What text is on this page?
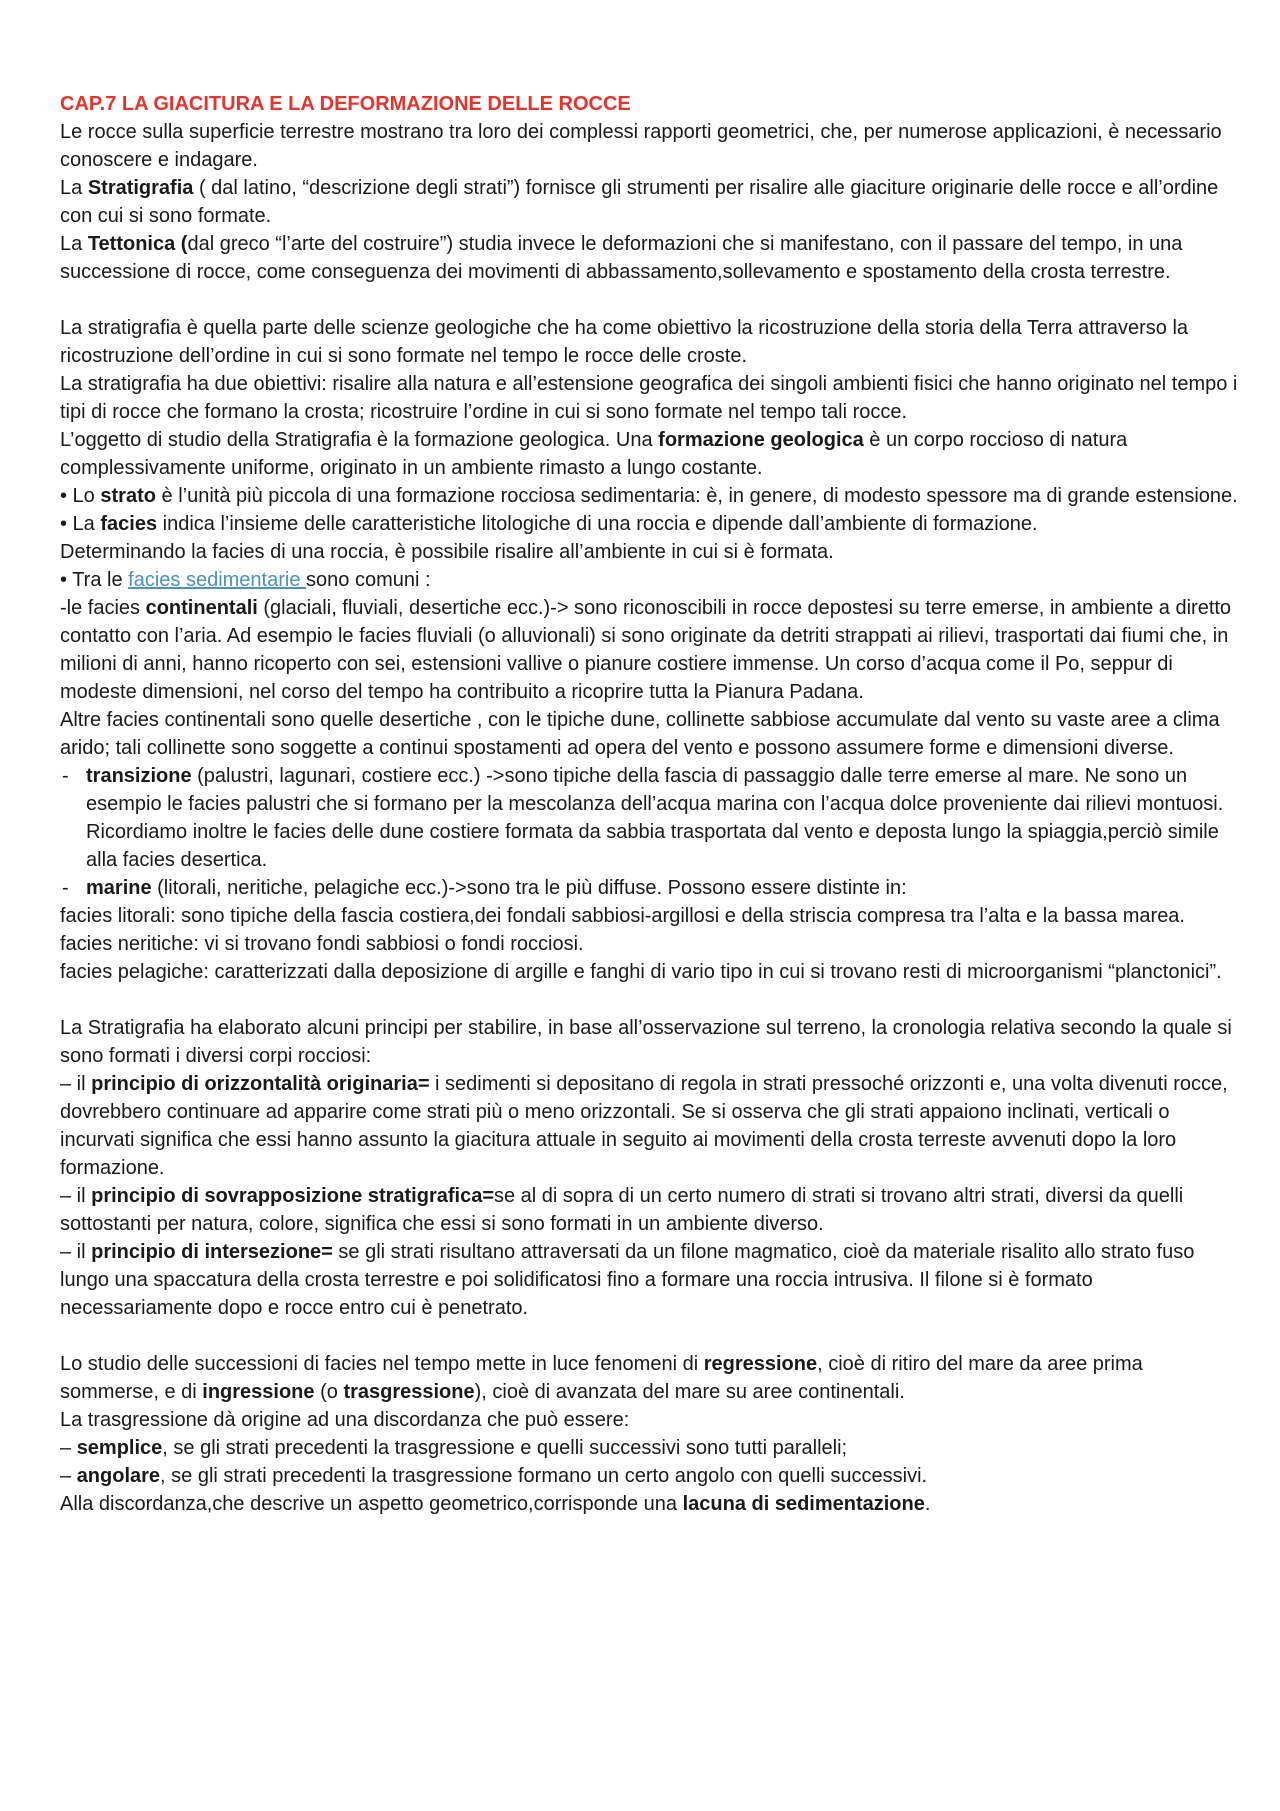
CAP.7 LA GIACITURA E LA DEFORMAZIONE DELLE ROCCE

Le rocce sulla superficie terrestre mostrano tra loro dei complessi rapporti geometrici, che, per numerose applicazioni, è necessario conoscere e indagare.

La Stratigrafia ( dal latino, “descrizione degli strati”) fornisce gli strumenti per risalire alle giaciture originarie delle rocce e all’ordine con cui si sono formate.

La Tettonica (dal greco “l’arte del costruire”) studia invece le deformazioni che si manifestano, con il passare del tempo, in una successione di rocce, come conseguenza dei movimenti di abbassamento,sollevamento e spostamento della crosta terrestre.

La stratigrafia è quella parte delle scienze geologiche che ha come obiettivo la ricostruzione della storia della Terra attraverso la ricostruzione dell’ordine in cui si sono formate nel tempo le rocce delle croste.

La stratigrafia ha due obiettivi: risalire alla natura e all’estensione geografica dei singoli ambienti fisici che hanno originato nel tempo i tipi di rocce che formano la crosta; ricostruire l’ordine in cui si sono formate nel tempo tali rocce.

L’oggetto di studio della Stratigrafia è la formazione geologica. Una formazione geologica è un corpo roccioso di natura complessivamente uniforme, originato in un ambiente rimasto a lungo costante.

• Lo strato è l’unità più piccola di una formazione rocciosa sedimentaria: è, in genere, di modesto spessore ma di grande estensione.

• La facies indica l’insieme delle caratteristiche litologiche di una roccia e dipende dall’ambiente di formazione.

Determinando la facies di una roccia, è possibile risalire all’ambiente in cui si è formata.

• Tra le facies sedimentarie sono comuni :

-le facies continentali (glaciali, fluviali, desertiche ecc.)-> sono riconoscibili in rocce depostesi su terre emerse, in ambiente a diretto contatto con l’aria. Ad esempio le facies fluviali (o alluvionali) si sono originate da detriti strappati ai rilievi, trasportati dai fiumi che, in milioni di anni, hanno ricoperto con sei, estensioni vallive o pianure costiere immense. Un corso d’acqua come il Po, seppur di modeste dimensioni, nel corso del tempo ha contribuito a ricoprire tutta la Pianura Padana.

Altre facies continentali sono quelle desertiche , con le tipiche dune, collinette sabbiose accumulate dal vento su vaste aree a clima arido; tali collinette sono soggette a continui spostamenti ad opera del vento e possono assumere forme e dimensioni diverse.

- transizione (palustri, lagunari, costiere ecc.) ->sono tipiche della fascia di passaggio dalle terre emerse al mare. Ne sono un esempio le facies palustri che si formano per la mescolanza dell’acqua marina con l’acqua dolce proveniente dai rilievi montuosi. Ricordiamo inoltre le facies delle dune costiere formata da sabbia trasportata dal vento e deposta lungo la spiaggia,perciò simile alla facies desertica.

- marine (litorali, neritiche, pelagiche ecc.)->sono tra le più diffuse. Possono essere distinte in:

facies litorali: sono tipiche della fascia costiera,dei fondali sabbiosi-argillosi e della striscia compresa tra l’alta e la bassa marea.

facies neritiche: vi si trovano fondi sabbiosi o fondi rocciosi.

facies pelagiche: caratterizzati dalla deposizione di argille e fanghi di vario tipo in cui si trovano resti di microorganismi “planctonici”.

La Stratigrafia ha elaborato alcuni principi per stabilire, in base all’osservazione sul terreno, la cronologia relativa secondo la quale si sono formati i diversi corpi rocciosi:

– il principio di orizzontalità originaria= i sedimenti si depositano di regola in strati pressoché orizzonti e, una volta divenuti rocce, dovrebbero continuare ad apparire come strati più o meno orizzontali. Se si osserva che gli strati appaiono inclinati, verticali o incurvati significa che essi hanno assunto la giacitura attuale in seguito ai movimenti della crosta terreste avvenuti dopo la loro formazione.

– il principio di sovrapposizione stratigrafica=se al di sopra di un certo numero di strati si trovano altri strati, diversi da quelli sottostanti per natura, colore, significa che essi si sono formati in un ambiente diverso.

– il principio di intersezione= se gli strati risultano attraversati da un filone magmatico, cioè da materiale risalito allo strato fuso lungo una spaccatura della crosta terrestre e poi solidificatosi fino a formare una roccia intrusiva. Il filone si è formato necessariamente dopo e rocce entro cui è penetrato.

Lo studio delle successioni di facies nel tempo mette in luce fenomeni di regressione, cioè di ritiro del mare da aree prima sommerse, e di ingressione (o trasgressione), cioè di avanzata del mare su aree continentali.

La trasgressione dà origine ad una discordanza che può essere:

– semplice, se gli strati precedenti la trasgressione e quelli successivi sono tutti paralleli;

– angolare, se gli strati precedenti la trasgressione formano un certo angolo con quelli successivi.

Alla discordanza,che descrive un aspetto geometrico,corrisponde una lacuna di sedimentazione.
